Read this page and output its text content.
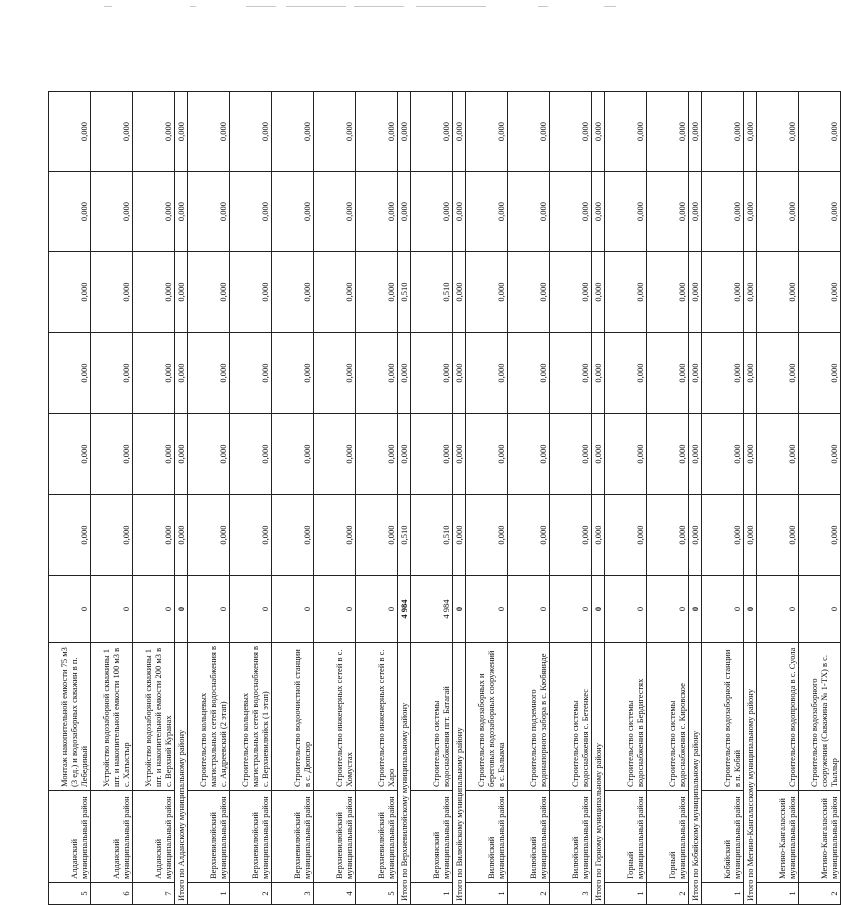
5	Алданский муниципальный район	Монтаж накопительной емкости 75 м3 (3 ед.) и водозаборных скважин в п. Лебединый	0	0,000	0,000	0,000	0,000	0,000	0,000
6	Алданский муниципальный район	Устройство водозаборной скважины 1 шт. и накопительной емкости 100 м3 в с. Хатыстыр	0	0,000	0,000	0,000	0,000	0,000	0,000
7	Алданский муниципальный район	Устройство водозаборной скважины 1 шт. и накопительной емкости 200 м3 в с. Верхний Куранах	0	0,000	0,000	0,000	0,000	0,000	0,000
Итого по Алданскому муниципальному району			0	0,000	0,000	0,000	0,000	0,000	0,000
1	Верхневилюйский муниципальный район	Строительство кольцевых магистральных сетей водоснабжения в с. Андреевский (2 этап)	0	0,000	0,000	0,000	0,000	0,000	0,000
2	Верхневилюйский муниципальный район	Строительство кольцевых магистральных сетей водоснабжения в с. Верхневилюйск (1 этап)	0	0,000	0,000	0,000	0,000	0,000	0,000
3	Верхневилюйский муниципальный район	Строительство водоочистной станции в с. Дюпсюр	0	0,000	0,000	0,000	0,000	0,000	0,000
4	Верхневилюйский муниципальный район	Строительство инженерных сетей в с. Хомустах	0	0,000	0,000	0,000	0,000	0,000	0,000
5	Верхневилюйский муниципальный район	Строительство инженерных сетей в с. Харо	0	0,000	0,000	0,000	0,000	0,000	0,000
Итого по Верхневилюйскому муниципальному району			4 984	0,510	0,000	0,000	0,510	0,000	0,000
1	Верхоянский муниципальный район	Строительство системы водоснабжения пгт. Батагай	4 984	0,510	0,000	0,000	0,510	0,000	0,000
Итого по Вилюйскому муниципальному району			0	0,000	0,000	0,000	0,000	0,000	0,000
1	Вилюйский муниципальный район	Строительство водозаборных и береговых водозаборных сооружений в с. Балыкча	0	0,000	0,000	0,000	0,000	0,000	0,000
2	Вилюйский муниципальный район	Строительство подземного водонапорного забора в с. Кюбяинде	0	0,000	0,000	0,000	0,000	0,000	0,000
3	Вилюйский муниципальный район	Строительство системы водоснабжения с. Бетенкес	0	0,000	0,000	0,000	0,000	0,000	0,000
Итого по Горному муниципальному району			0	0,000	0,000	0,000	0,000	0,000	0,000
1	Горный муниципальный район	Строительство системы водоснабжения в Бердигестях	0	0,000	0,000	0,000	0,000	0,000	0,000
2	Горный муниципальный район	Строительство системы водоснабжения с. Кировское	0	0,000	0,000	0,000	0,000	0,000	0,000
Итого по Кобяйскому муниципальному району			0	0,000	0,000	0,000	0,000	0,000	0,000
1	Кобяйский муниципальный район	Строительство водозаборной станции в п. Кобяй	0	0,000	0,000	0,000	0,000	0,000	0,000
Итого по Мегино-Кангаласскому муниципальному району			0	0,000	0,000	0,000	0,000	0,000	0,000
1	Мегино-Кангаласский муниципальный район	Строительство водопровода в с. Суола	0	0,000	0,000	0,000	0,000	0,000	0,000
2	Мегино-Кангаласский муниципальный район	Строительство водозаборного сооружения (Скважина № 1-ТХ) в с. Тыллыр	0	0,000	0,000	0,000	0,000	0,000	0,000
